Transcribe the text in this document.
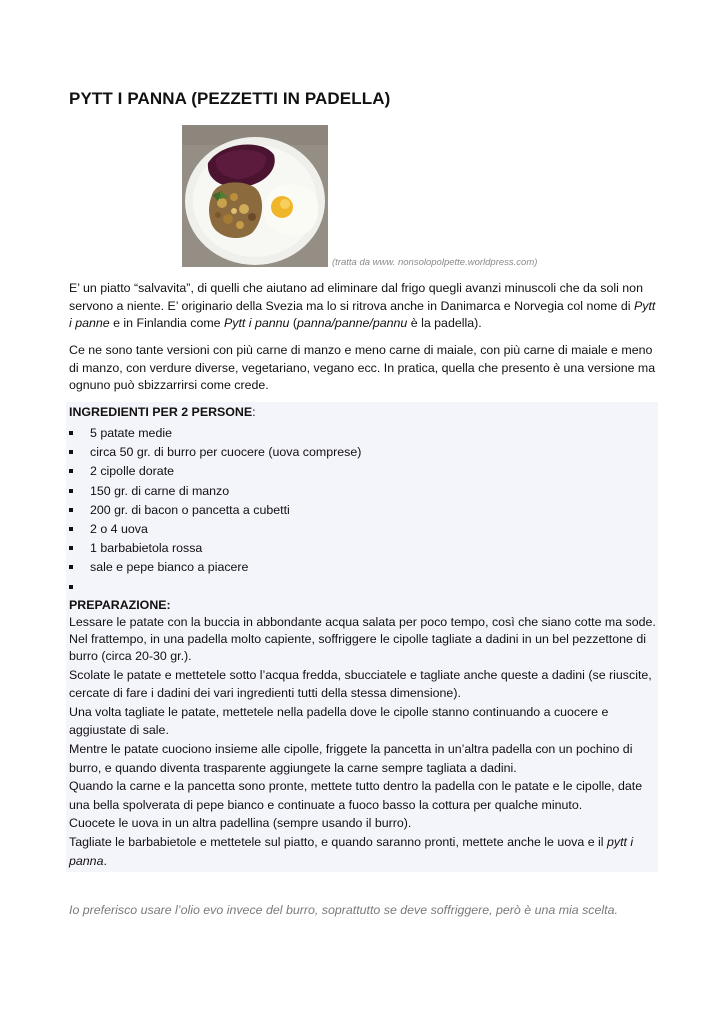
PYTT I PANNA (PEZZETTI IN PADELLA)
(tratta da www. nonsolopolpette.worldpress.com)

E’ un piatto “salvavita”, di quelli che aiutano ad eliminare dal frigo quegli avanzi minuscoli che da soli non servono a niente. E’ originario della Svezia ma lo si ritrova anche in Danimarca e Norvegia col nome di Pytt i panne e in Finlandia come Pytt i pannu (panna/panne/pannu è la padella).

Ce ne sono tante versioni con più carne di manzo e meno carne di maiale, con più carne di maiale e meno di manzo, con verdure diverse, vegetariano, vegano ecc. In pratica, quella che presento è una versione ma ognuno può sbizzarrirsi come crede.

INGREDIENTI PER 2 PERSONE:
5 patate medie
circa 50 gr. di burro per cuocere (uova comprese)
2 cipolle dorate
150 gr. di carne di manzo
200 gr. di bacon o pancetta a cubetti
2 o 4 uova
1 barbabietola rossa
sale e pepe bianco a piacere
PREPARAZIONE:

Lessare le patate con la buccia in abbondante acqua salata per poco tempo, così che siano cotte ma sode. Nel frattempo, in una padella molto capiente, soffriggere le cipolle tagliate a dadini in un bel pezzettone di burro (circa 20-30 gr.).

Scolate le patate e mettetele sotto l’acqua fredda, sbucciatele e tagliate anche queste a dadini (se riuscite, cercate di fare i dadini dei vari ingredienti tutti della stessa dimensione).

Una volta tagliate le patate, mettetele nella padella dove le cipolle stanno continuando a cuocere e aggiustate di sale.

Mentre le patate cuociono insieme alle cipolle, friggete la pancetta in un’altra padella con un pochino di burro, e quando diventa trasparente aggiungete la carne sempre tagliata a dadini.

Quando la carne e la pancetta sono pronte, mettete tutto dentro la padella con le patate e le cipolle, date una bella spolverata di pepe bianco e continuate a fuoco basso la cottura per qualche minuto.

Cuocete le uova in un altra padellina (sempre usando il burro).

Tagliate le barbabietole e mettetele sul piatto, e quando saranno pronti, mettete anche le uova e il pytt i panna.

Io preferisco usare l’olio evo invece del burro, soprattutto se deve soffriggere, però è una mia scelta.
